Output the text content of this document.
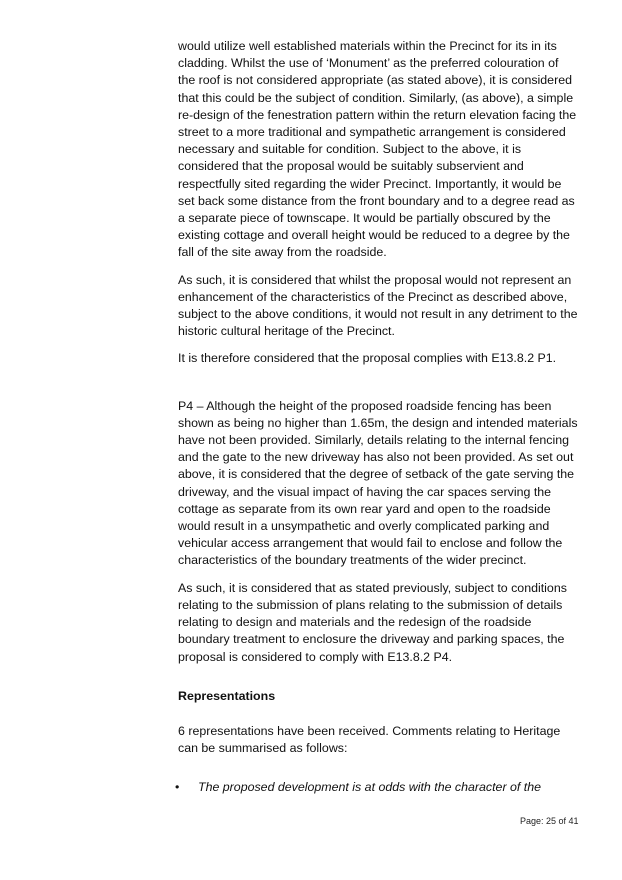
would utilize well established materials within the Precinct for its in its cladding. Whilst the use of ‘Monument’ as the preferred colouration of the roof is not considered appropriate (as stated above), it is considered that this could be the subject of condition. Similarly, (as above), a simple re-design of the fenestration pattern within the return elevation facing the street to a more traditional and sympathetic arrangement is considered necessary and suitable for condition. Subject to the above, it is considered that the proposal would be suitably subservient and respectfully sited regarding the wider Precinct. Importantly, it would be set back some distance from the front boundary and to a degree read as a separate piece of townscape. It would be partially obscured by the existing cottage and overall height would be reduced to a degree by the fall of the site away from the roadside.

As such, it is considered that whilst the proposal would not represent an enhancement of the characteristics of the Precinct as described above, subject to the above conditions, it would not result in any detriment to the historic cultural heritage of the Precinct.

It is therefore considered that the proposal complies with E13.8.2 P1.

P4 – Although the height of the proposed roadside fencing has been shown as being no higher than 1.65m, the design and intended materials have not been provided. Similarly, details relating to the internal fencing and the gate to the new driveway has also not been provided. As set out above, it is considered that the degree of setback of the gate serving the driveway, and the visual impact of having the car spaces serving the cottage as separate from its own rear yard and open to the roadside would result in a unsympathetic and overly complicated parking and vehicular access arrangement that would fail to enclose and follow the characteristics of the boundary treatments of the wider precinct.

As such, it is considered that as stated previously, subject to conditions relating to the submission of plans relating to the submission of details relating to design and materials and the redesign of the roadside boundary treatment to enclosure the driveway and parking spaces, the proposal is considered to comply with E13.8.2 P4.

Representations

6 representations have been received. Comments relating to Heritage can be summarised as follows:

• The proposed development is at odds with the character of the
Page: 25 of 41
